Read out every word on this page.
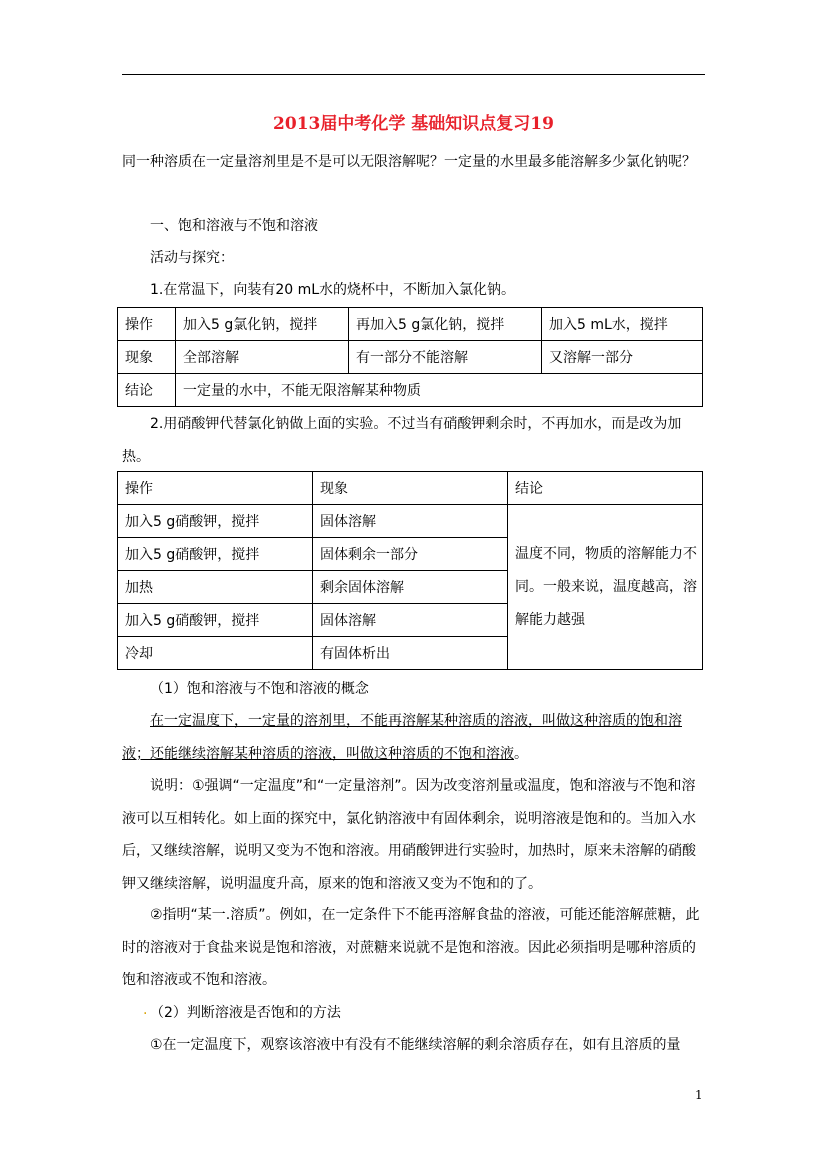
2013届中考化学 基础知识点复习19

同一种溶质在一定量溶剂里是不是可以无限溶解呢？一定量的水里最多能溶解多少氯化钠呢？

一、饱和溶液与不饱和溶液
活动与探究：
1.在常温下，向装有20 mL水的烧杯中，不断加入氯化钠。
操作	加入5 g氯化钠，搅拌	再加入5 g氯化钠，搅拌	加入5 mL水，搅拌
现象	全部溶解	有一部分不能溶解	又溶解一部分
结论	一定量的水中，不能无限溶解某种物质		
2.用硝酸钾代替氯化钠做上面的实验。不过当有硝酸钾剩余时，不再加水，而是改为加热。
操作	现象	结论
加入5 g硝酸钾，搅拌	固体溶解	温度不同，物质的溶解能力不同。一般来说，温度越高，溶解能力越强
加入5 g硝酸钾，搅拌	固体剩余一部分	
加热	剩余固体溶解	
加入5 g硝酸钾，搅拌	固体溶解	
冷却	有固体析出	
（1）饱和溶液与不饱和溶液的概念
在一定温度下，一定量的溶剂里，不能再溶解某种溶质的溶液，叫做这种溶质的饱和溶液；还能继续溶解某种溶质的溶液，叫做这种溶质的不饱和溶液。
说明：①强调“一定温度”和“一定量溶剂”。因为改变溶剂量或温度，饱和溶液与不饱和溶液可以互相转化。如上面的探究中，氯化钠溶液中有固体剩余，说明溶液是饱和的。当加入水后，又继续溶解，说明又变为不饱和溶液。用硝酸钾进行实验时，加热时，原来未溶解的硝酸钾又继续溶解，说明温度升高，原来的饱和溶液又变为不饱和的了。
②指明“某一.溶质”。例如，在一定条件下不能再溶解食盐的溶液，可能还能溶解蔗糖，此时的溶液对于食盐来说是饱和溶液，对蔗糖来说就不是饱和溶液。因此必须指明是哪种溶质的饱和溶液或不饱和溶液。
. （2）判断溶液是否饱和的方法
①在一定温度下，观察该溶液中有没有不能继续溶解的剩余溶质存在，如有且溶质的量
1
